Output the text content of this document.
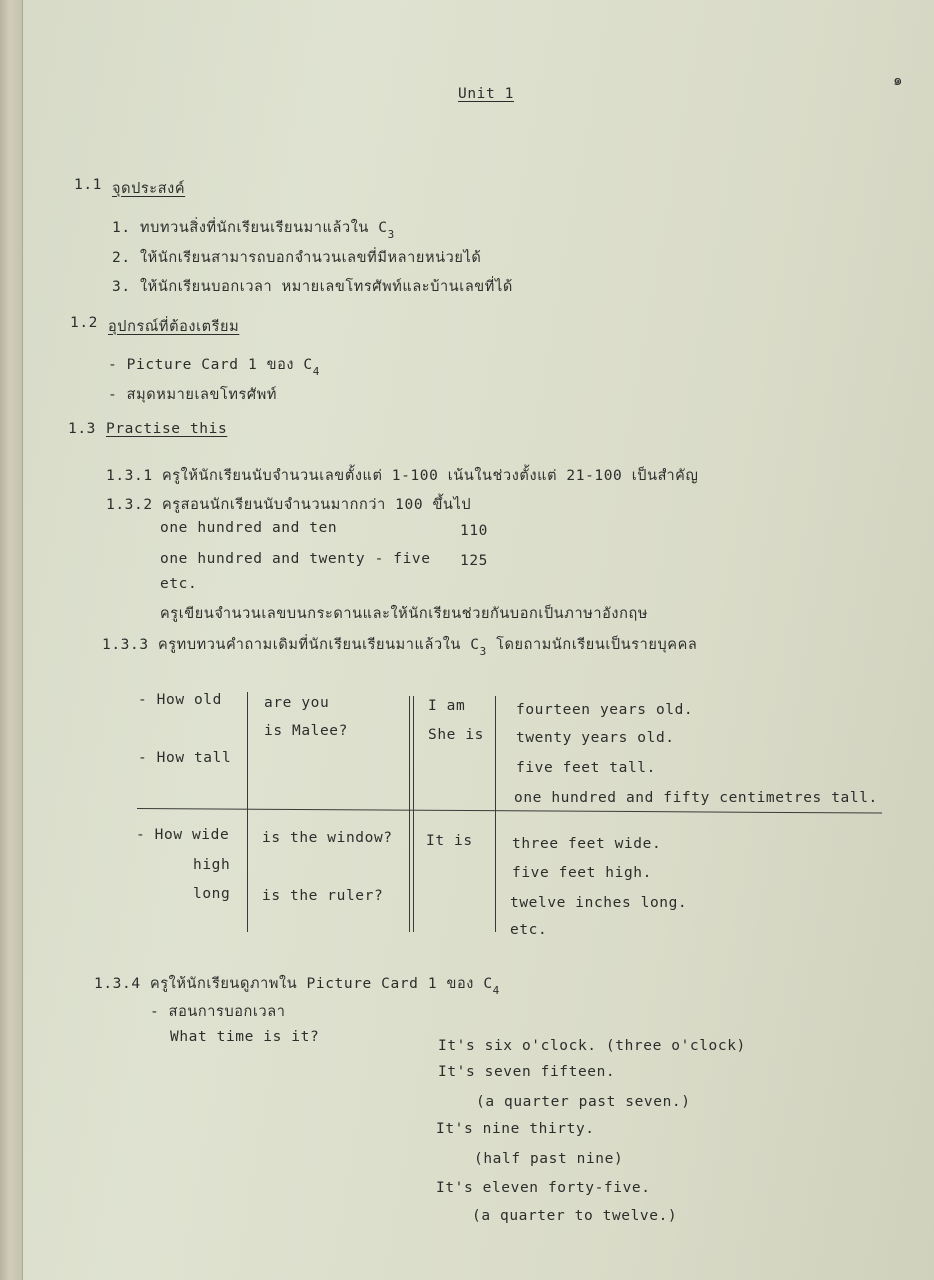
๑
Unit 1
1.1 จุดประสงค์
1. ทบทวนสิ่งที่นักเรียนเรียนมาแล้วใน $C_3$
2. ให้นักเรียนสามารถบอกจำนวนเลขที่มีหลายหน่วยได้
3. ให้นักเรียนบอกเวลา หมายเลขโทรศัพท์และบ้านเลขที่ได้
1.2 อุปกรณ์ที่ต้องเตรียม
- Picture Card 1 ของ $C_4$
- สมุดหมายเลขโทรศัพท์
1.3 Practise this
1.3.1 ครูให้นักเรียนนับจำนวนเลขตั้งแต่ 1-100 เน้นในช่วงตั้งแต่ 21-100 เป็นสำคัญ
1.3.2 ครูสอนนักเรียนนับจำนวนมากกว่า 100 ขึ้นไป
one hundred and ten	110
one hundred and twenty - five 125
etc.
ครูเขียนจำนวนเลขบนกระดานและให้นักเรียนช่วยกันบอกเป็นภาษาอังกฤษ
1.3.3 ครูทบทวนคำถามเดิมที่นักเรียนเรียนมาแล้วใน $C_3$ โดยถามนักเรียนเป็นรายบุคคล
- How old
- How tall
are you
is Malee?
I am
She is
fourteen years old.
twenty years old.
five feet tall.
one hundred and fifty centimetres tall.
- How wide
high
long
is the window?
is the ruler?
It is	three feet wide.
five feet high.
twelve inches long.
etc.
1.3.4 ครูให้นักเรียนดูภาพใน Picture Card 1 ของ $C_4$
- สอนการบอกเวลา
What time is it?
It's six o'clock. (three o'clock)
It's seven fifteen.
(a quarter past seven.)
It's nine thirty.
(half past nine)
It's eleven forty-five.
(a quarter to twelve.)
